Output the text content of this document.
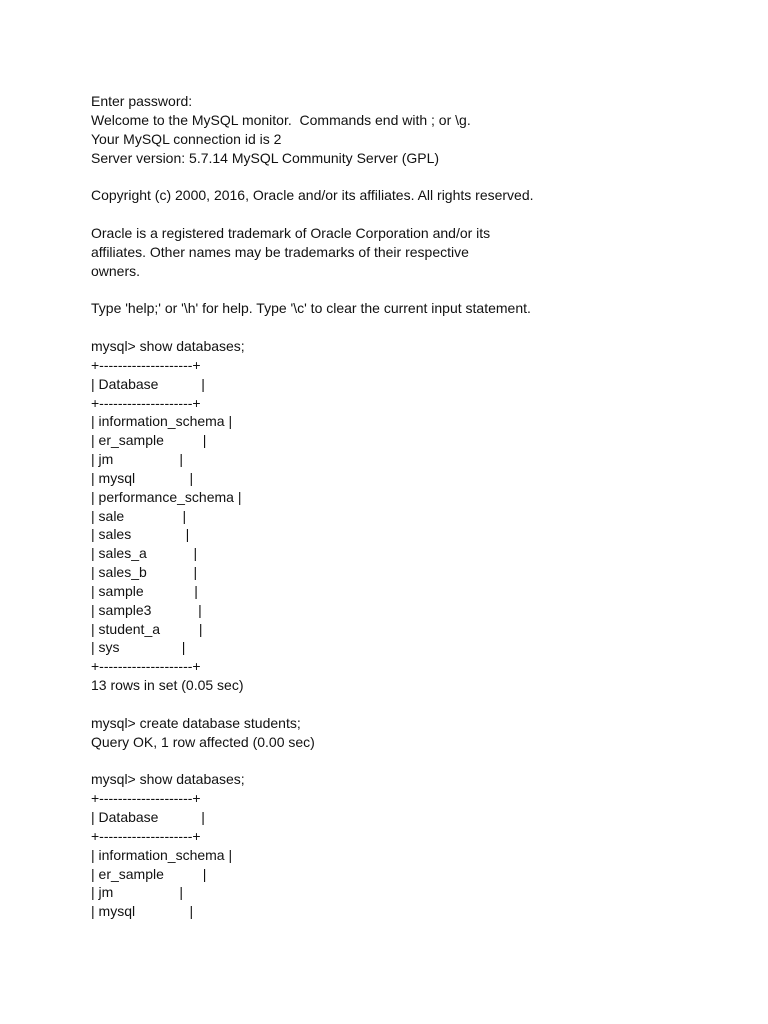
Enter password:
Welcome to the MySQL monitor.  Commands end with ; or \g.
Your MySQL connection id is 2
Server version: 5.7.14 MySQL Community Server (GPL)
Copyright (c) 2000, 2016, Oracle and/or its affiliates. All rights reserved.
Oracle is a registered trademark of Oracle Corporation and/or its
affiliates. Other names may be trademarks of their respective
owners.
Type 'help;' or '\h' for help. Type '\c' to clear the current input statement.
mysql> show databases;
+--------------------+
| Database           |
+--------------------+
| information_schema |
| er_sample          |
| jm                 |
| mysql              |
| performance_schema |
| sale               |
| sales              |
| sales_a            |
| sales_b            |
| sample             |
| sample3            |
| student_a          |
| sys                |
+--------------------+
13 rows in set (0.05 sec)
mysql> create database students;
Query OK, 1 row affected (0.00 sec)
mysql> show databases;
+--------------------+
| Database           |
+--------------------+
| information_schema |
| er_sample          |
| jm                 |
| mysql              |
